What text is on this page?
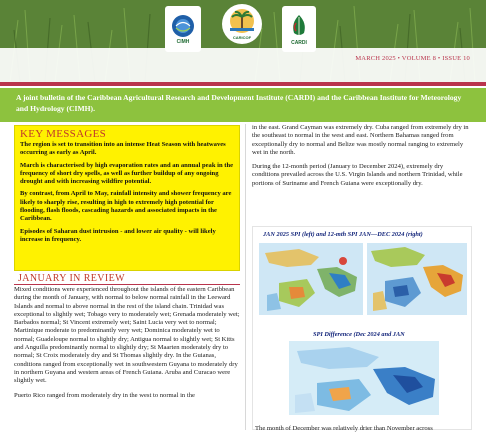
CIMH
CARICOF
CARDI
MARCH 2025 • VOLUME 8 • ISSUE 10
A joint bulletin of the Caribbean Agricultural Research and Development Institute (CARDI) and the Caribbean Institute for Meteorology and Hydrology (CIMH).
KEY MESSAGES

The region is set to transition into an intense Heat Season with heatwaves occurring as early as April.

March is characterised by high evaporation rates and an annual peak in the frequency of short dry spells, as well as further buildup of any ongoing drought and with increasing wildfire potential.

By contrast, from April to May, rainfall intensity and shower frequency are likely to sharply rise, resulting in high to extremely high potential for flooding, flash floods, cascading hazards and associated impacts in the Caribbean.

Episodes of Saharan dust intrusion - and lower air quality - will likely increase in frequency.

JANUARY IN REVIEW

Mixed conditions were experienced throughout the islands of the eastern Caribbean during the month of January, with normal to below normal rainfall in the Leeward Islands and normal to above normal in the rest of the island chain. Trinidad was exceptional to slightly wet; Tobago very to moderately wet; Grenada moderately wet; Barbados normal; St Vincent extremely wet; Saint Lucia very wet to normal; Martinique moderate to predominantly very wet; Dominica moderately wet to normal; Guadeloupe normal to slightly dry; Antigua normal to slightly wet; St Kitts and Anguilla predominantly normal to slightly dry; St Maarten moderately dry to normal; St Croix moderately dry and St Thomas slightly dry. In the Guianas, conditions ranged from exceptionally wet in southwestern Guyana to moderately dry in northern Guyana and western areas of French Guiana. Aruba and Curacao were slightly wet.

Puerto Rico ranged from moderately dry in the west to normal in the

in the east. Grand Cayman was extremely dry. Cuba ranged from extremely dry in the southeast to normal in the west and east. Northern Bahamas ranged from exceptionally dry to normal and Belize was mostly normal ranging to extremely wet in the north.

During the 12-month period (January to December 2024), extremely dry conditions prevailed across the U.S. Virgin Islands and northern Trinidad, while portions of Suriname and French Guiana were exceptionally dry.

JAN 2025 SPI (left) and 12-mth SPI JAN—DEC 2024 (right)
SPI Difference (Dec 2024 and JAN
The month of December was relatively drier than November across
